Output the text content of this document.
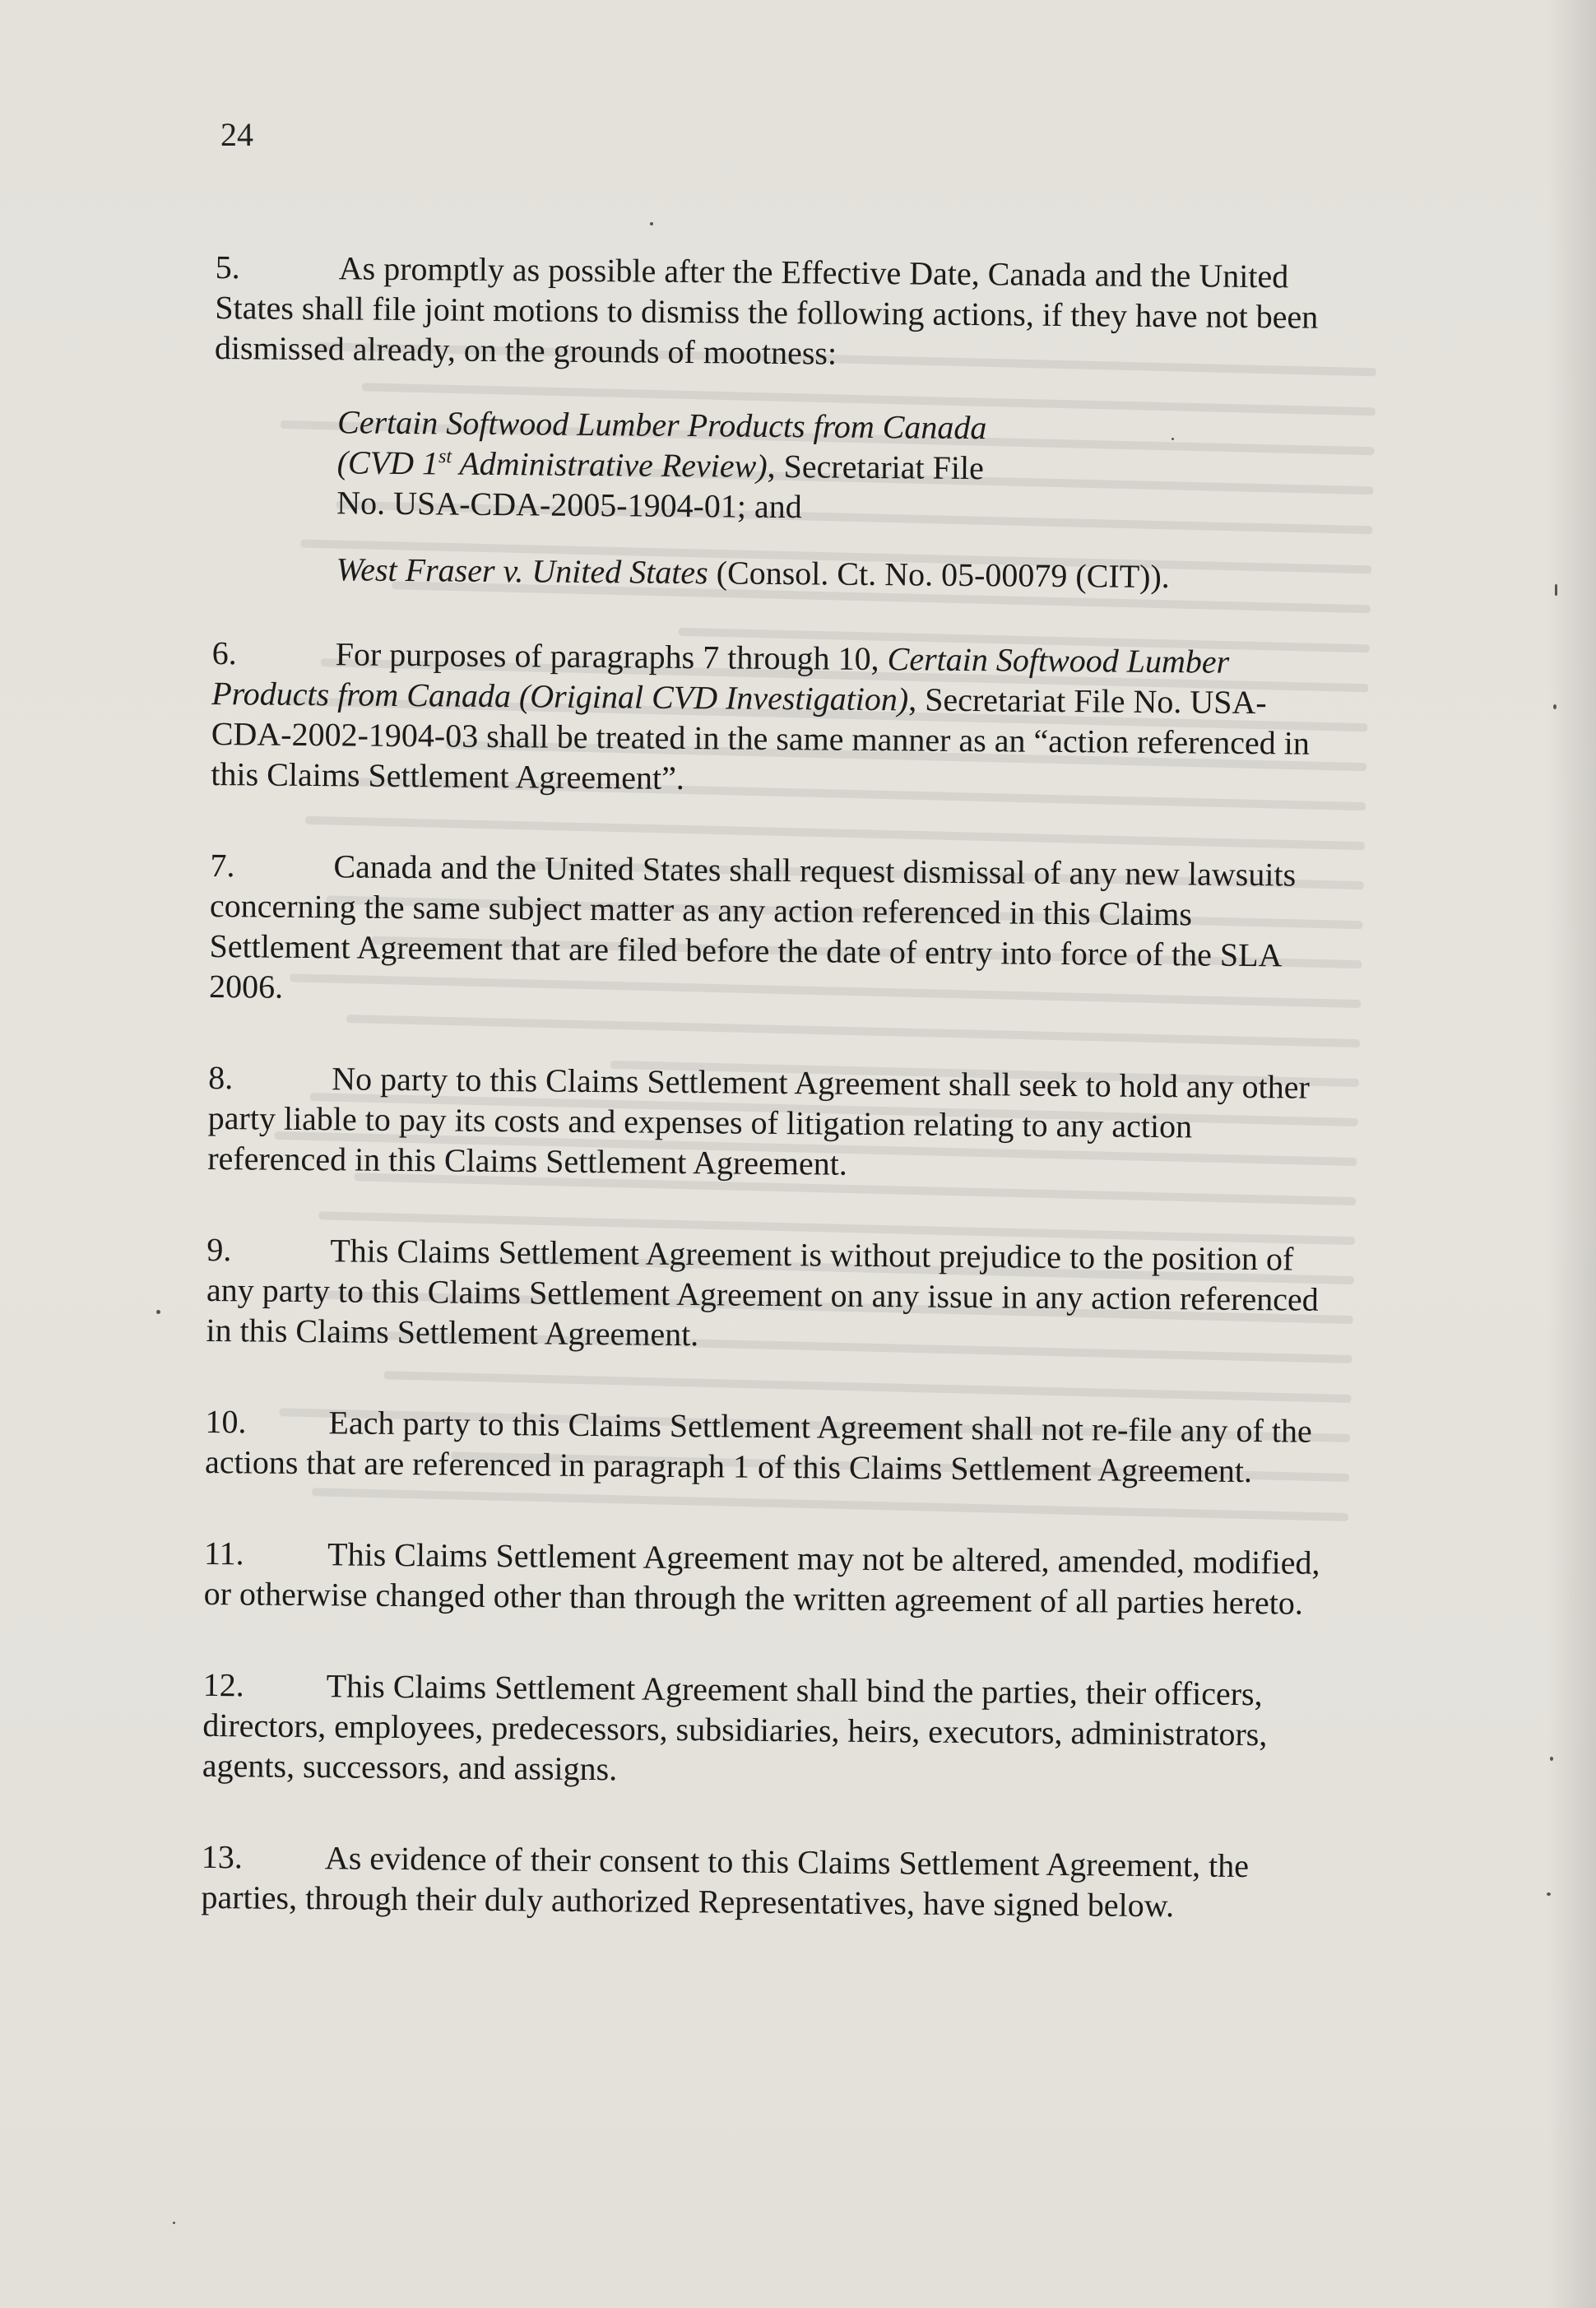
24

5.	As promptly as possible after the Effective Date, Canada and the United States shall file joint motions to dismiss the following actions, if they have not been dismissed already, on the grounds of mootness:

Certain Softwood Lumber Products from Canada
(CVD 1st Administrative Review), Secretariat File
No. USA-CDA-2005-1904-01; and

West Fraser v. United States (Consol. Ct. No. 05-00079 (CIT)).

6.	For purposes of paragraphs 7 through 10, Certain Softwood Lumber Products from Canada (Original CVD Investigation), Secretariat File No. USA-CDA-2002-1904-03 shall be treated in the same manner as an “action referenced in this Claims Settlement Agreement”.

7.	Canada and the United States shall request dismissal of any new lawsuits concerning the same subject matter as any action referenced in this Claims Settlement Agreement that are filed before the date of entry into force of the SLA 2006.

8.	No party to this Claims Settlement Agreement shall seek to hold any other party liable to pay its costs and expenses of litigation relating to any action referenced in this Claims Settlement Agreement.

9.	This Claims Settlement Agreement is without prejudice to the position of any party to this Claims Settlement Agreement on any issue in any action referenced in this Claims Settlement Agreement.

10. Each party to this Claims Settlement Agreement shall not re-file any of the actions that are referenced in paragraph 1 of this Claims Settlement Agreement.

11.	This Claims Settlement Agreement may not be altered, amended, modified, or otherwise changed other than through the written agreement of all parties hereto.

12. This Claims Settlement Agreement shall bind the parties, their officers, directors, employees, predecessors, subsidiaries, heirs, executors, administrators, agents, successors, and assigns.

13. As evidence of their consent to this Claims Settlement Agreement, the parties, through their duly authorized Representatives, have signed below.
